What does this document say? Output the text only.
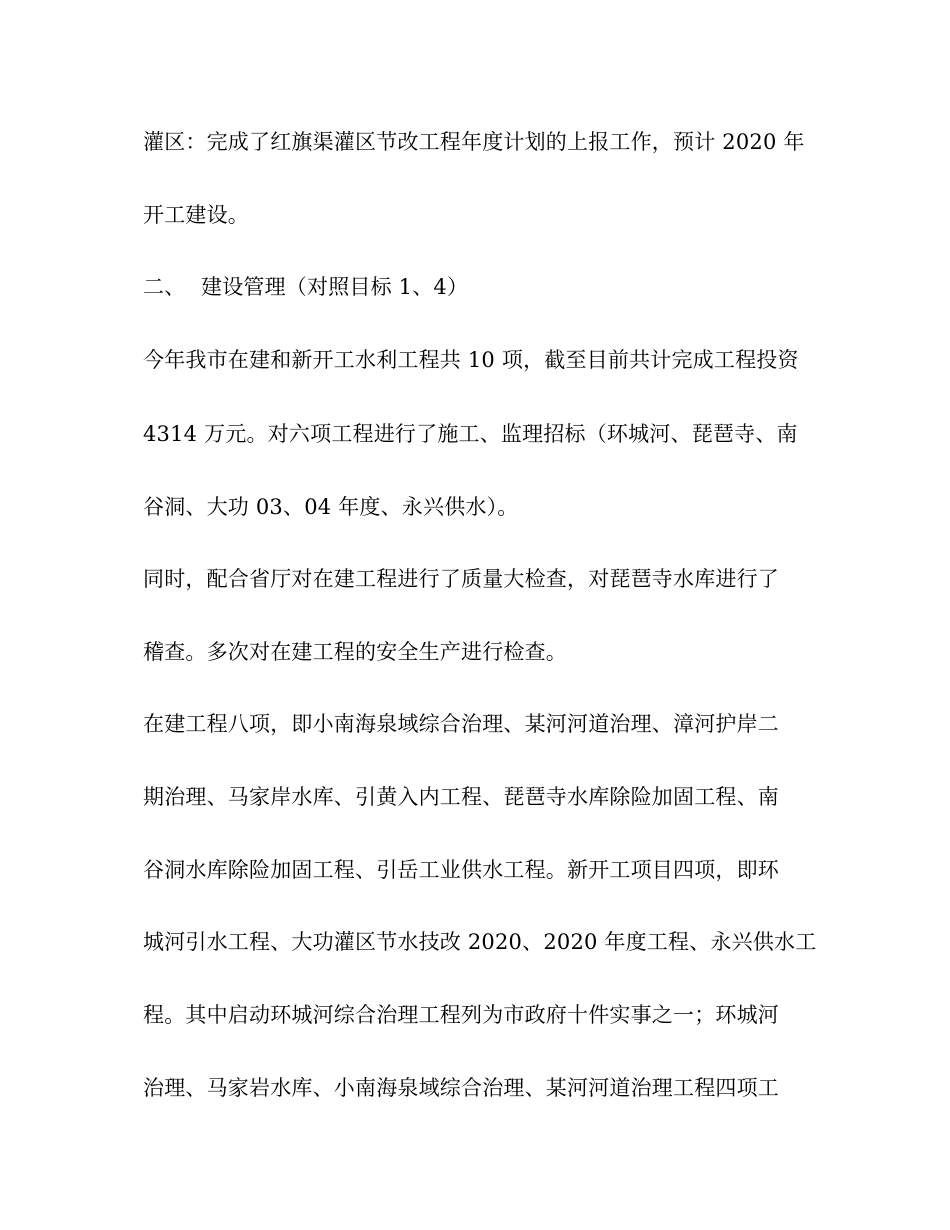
灌区：完成了红旗渠灌区节改工程年度计划的上报工作，预计 2020 年
开工建设。
二、 建设管理（对照目标 1、4）
今年我市在建和新开工水利工程共 10 项，截至目前共计完成工程投资
4314 万元。对六项工程进行了施工、监理招标（环城河、琵琶寺、南
谷洞、大功 03、04 年度、永兴供水）。
同时，配合省厅对在建工程进行了质量大检查，对琵琶寺水库进行了
稽查。多次对在建工程的安全生产进行检查。
在建工程八项，即小南海泉域综合治理、某河河道治理、漳河护岸二
期治理、马家岸水库、引黄入内工程、琵琶寺水库除险加固工程、南
谷洞水库除险加固工程、引岳工业供水工程。新开工项目四项，即环
城河引水工程、大功灌区节水技改 2020、2020 年度工程、永兴供水工
程。其中启动环城河综合治理工程列为市政府十件实事之一；环城河
治理、马家岩水库、小南海泉域综合治理、某河河道治理工程四项工
